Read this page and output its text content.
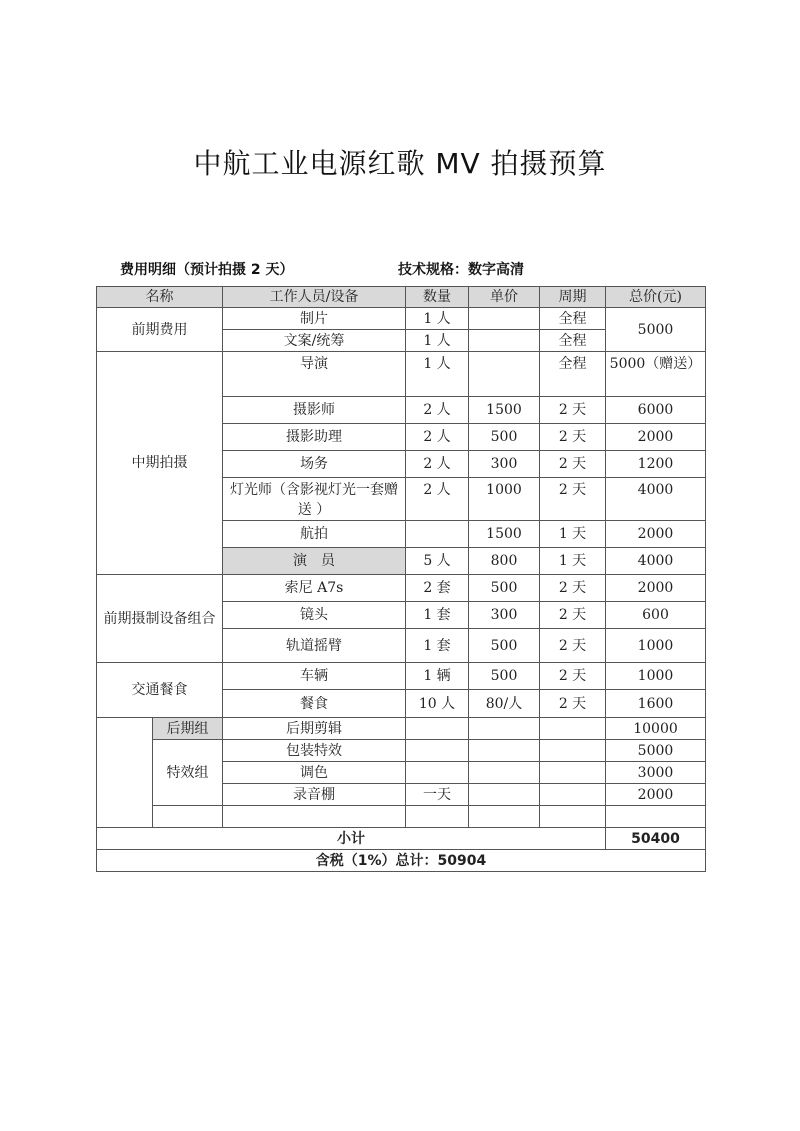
中航工业电源红歌 MV 拍摄预算
费用明细（预计拍摄 2 天）	技术规格：数字高清
名称		工作人员/设备	数量	单价	周期	总价(元)
前期费用		制片	1 人		全程	5000
		文案/统筹	1 人		全程	
中期拍摄		导演	1 人		全程	5000（赠送）
		摄影师	2 人	1500	2 天	6000
		摄影助理	2 人	500	2 天	2000
		场务	2 人	300	2 天	1200
		灯光师（含影视灯光一套赠送 ）	2 人	1000	2 天	4000
		航拍		1500	1 天	2000
		演　员	5 人	800	1 天	4000
前期摄制设备组合		索尼 A7s	2 套	500	2 天	2000
		镜头	1 套	300	2 天	600
		轨道摇臂	1 套	500	2 天	1000
交通餐食		车辆	1 辆	500	2 天	1000
		餐食	10 人	80/人	2 天	1600
	后期组	后期剪辑				10000
	特效组	包装特效				5000
		调色				3000
		录音棚	一天			2000

小计						50400
含税（1%）总计：50904						
